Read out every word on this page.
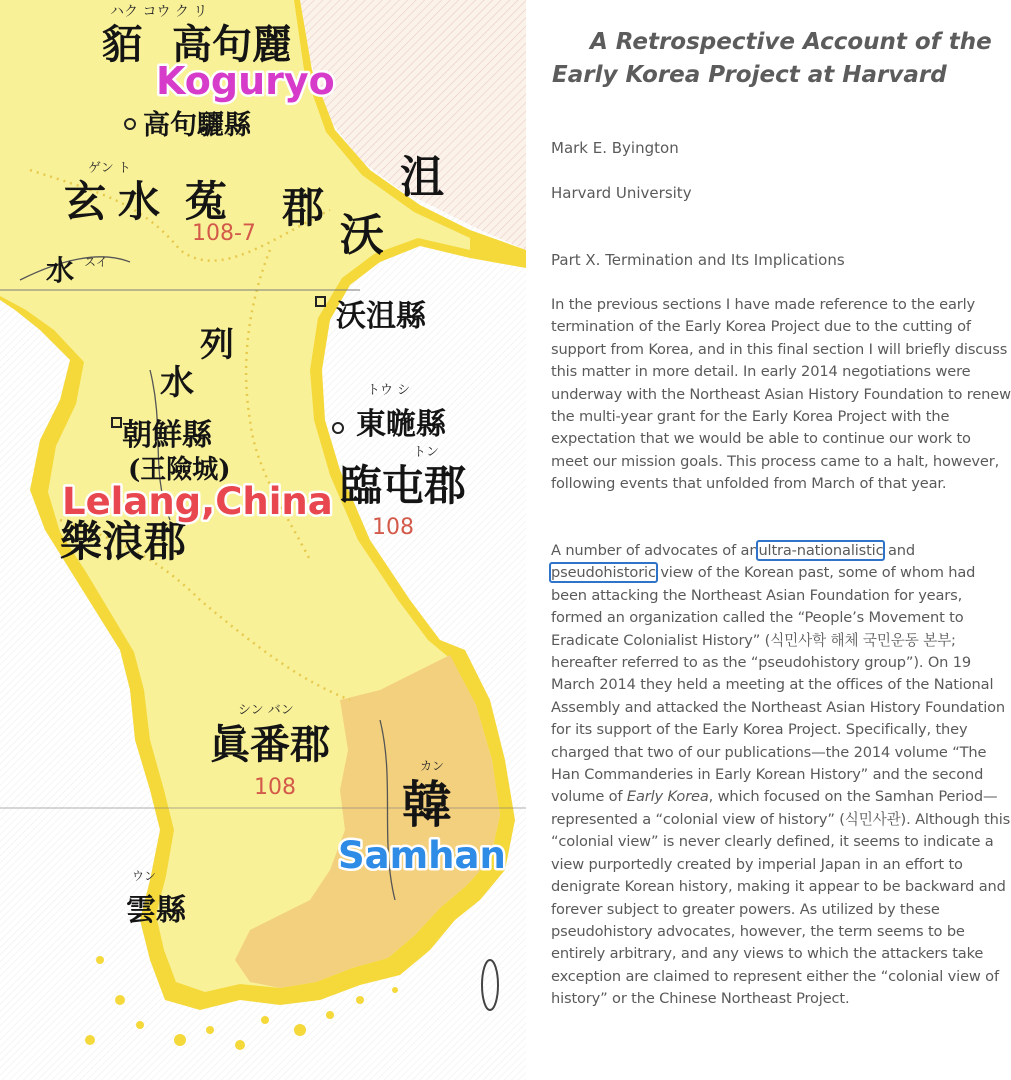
ハク コウ ク リ
ゲン ト
スイ
トウ シ
トン
シン バン
カン
ウン
貊 高句麗
高句驪縣
玄 水 菟 郡
沃
沮
108-7
水
沃沮縣
列
水
朝鮮縣
(王險城)
東暆縣
臨屯郡
108
樂浪郡
眞番郡
108 韓
雲縣
Koguryo
Lelang,China
Samhan
A Retrospective Account of the
Early Korea Project at Harvard

Mark E. Byington

Harvard University

Part X. Termination and Its Implications

In the previous sections I have made reference to the early termination of the Early Korea Project due to the cutting of support from Korea, and in this final section I will briefly discuss this matter in more detail. In early 2014 negotiations were underway with the Northeast Asian History Foundation to renew the multi-year grant for the Early Korea Project with the expectation that we would be able to continue our work to meet our mission goals. This process came to a halt, however, following events that unfolded from March of that year.

A number of advocates of anultra-nationalistic and pseudohistoric view of the Korean past, some of whom had been attacking the Northeast Asian Foundation for years, formed an organization called the “People’s Movement to Eradicate Colonialist History” (식민사학 해체 국민운동 본부; hereafter referred to as the “pseudohistory group”). On 19 March 2014 they held a meeting at the offices of the National Assembly and attacked the Northeast Asian History Foundation for its support of the Early Korea Project. Specifically, they charged that two of our publications—the 2014 volume “The Han Commanderies in Early Korean History” and the second volume of Early Korea, which focused on the Samhan Period—represented a “colonial view of history” (식민사관). Although this “colonial view” is never clearly defined, it seems to indicate a view purportedly created by imperial Japan in an effort to denigrate Korean history, making it appear to be backward and forever subject to greater powers. As utilized by these pseudohistory advocates, however, the term seems to be entirely arbitrary, and any views to which the attackers take exception are claimed to represent either the “colonial view of history” or the Chinese Northeast Project.
